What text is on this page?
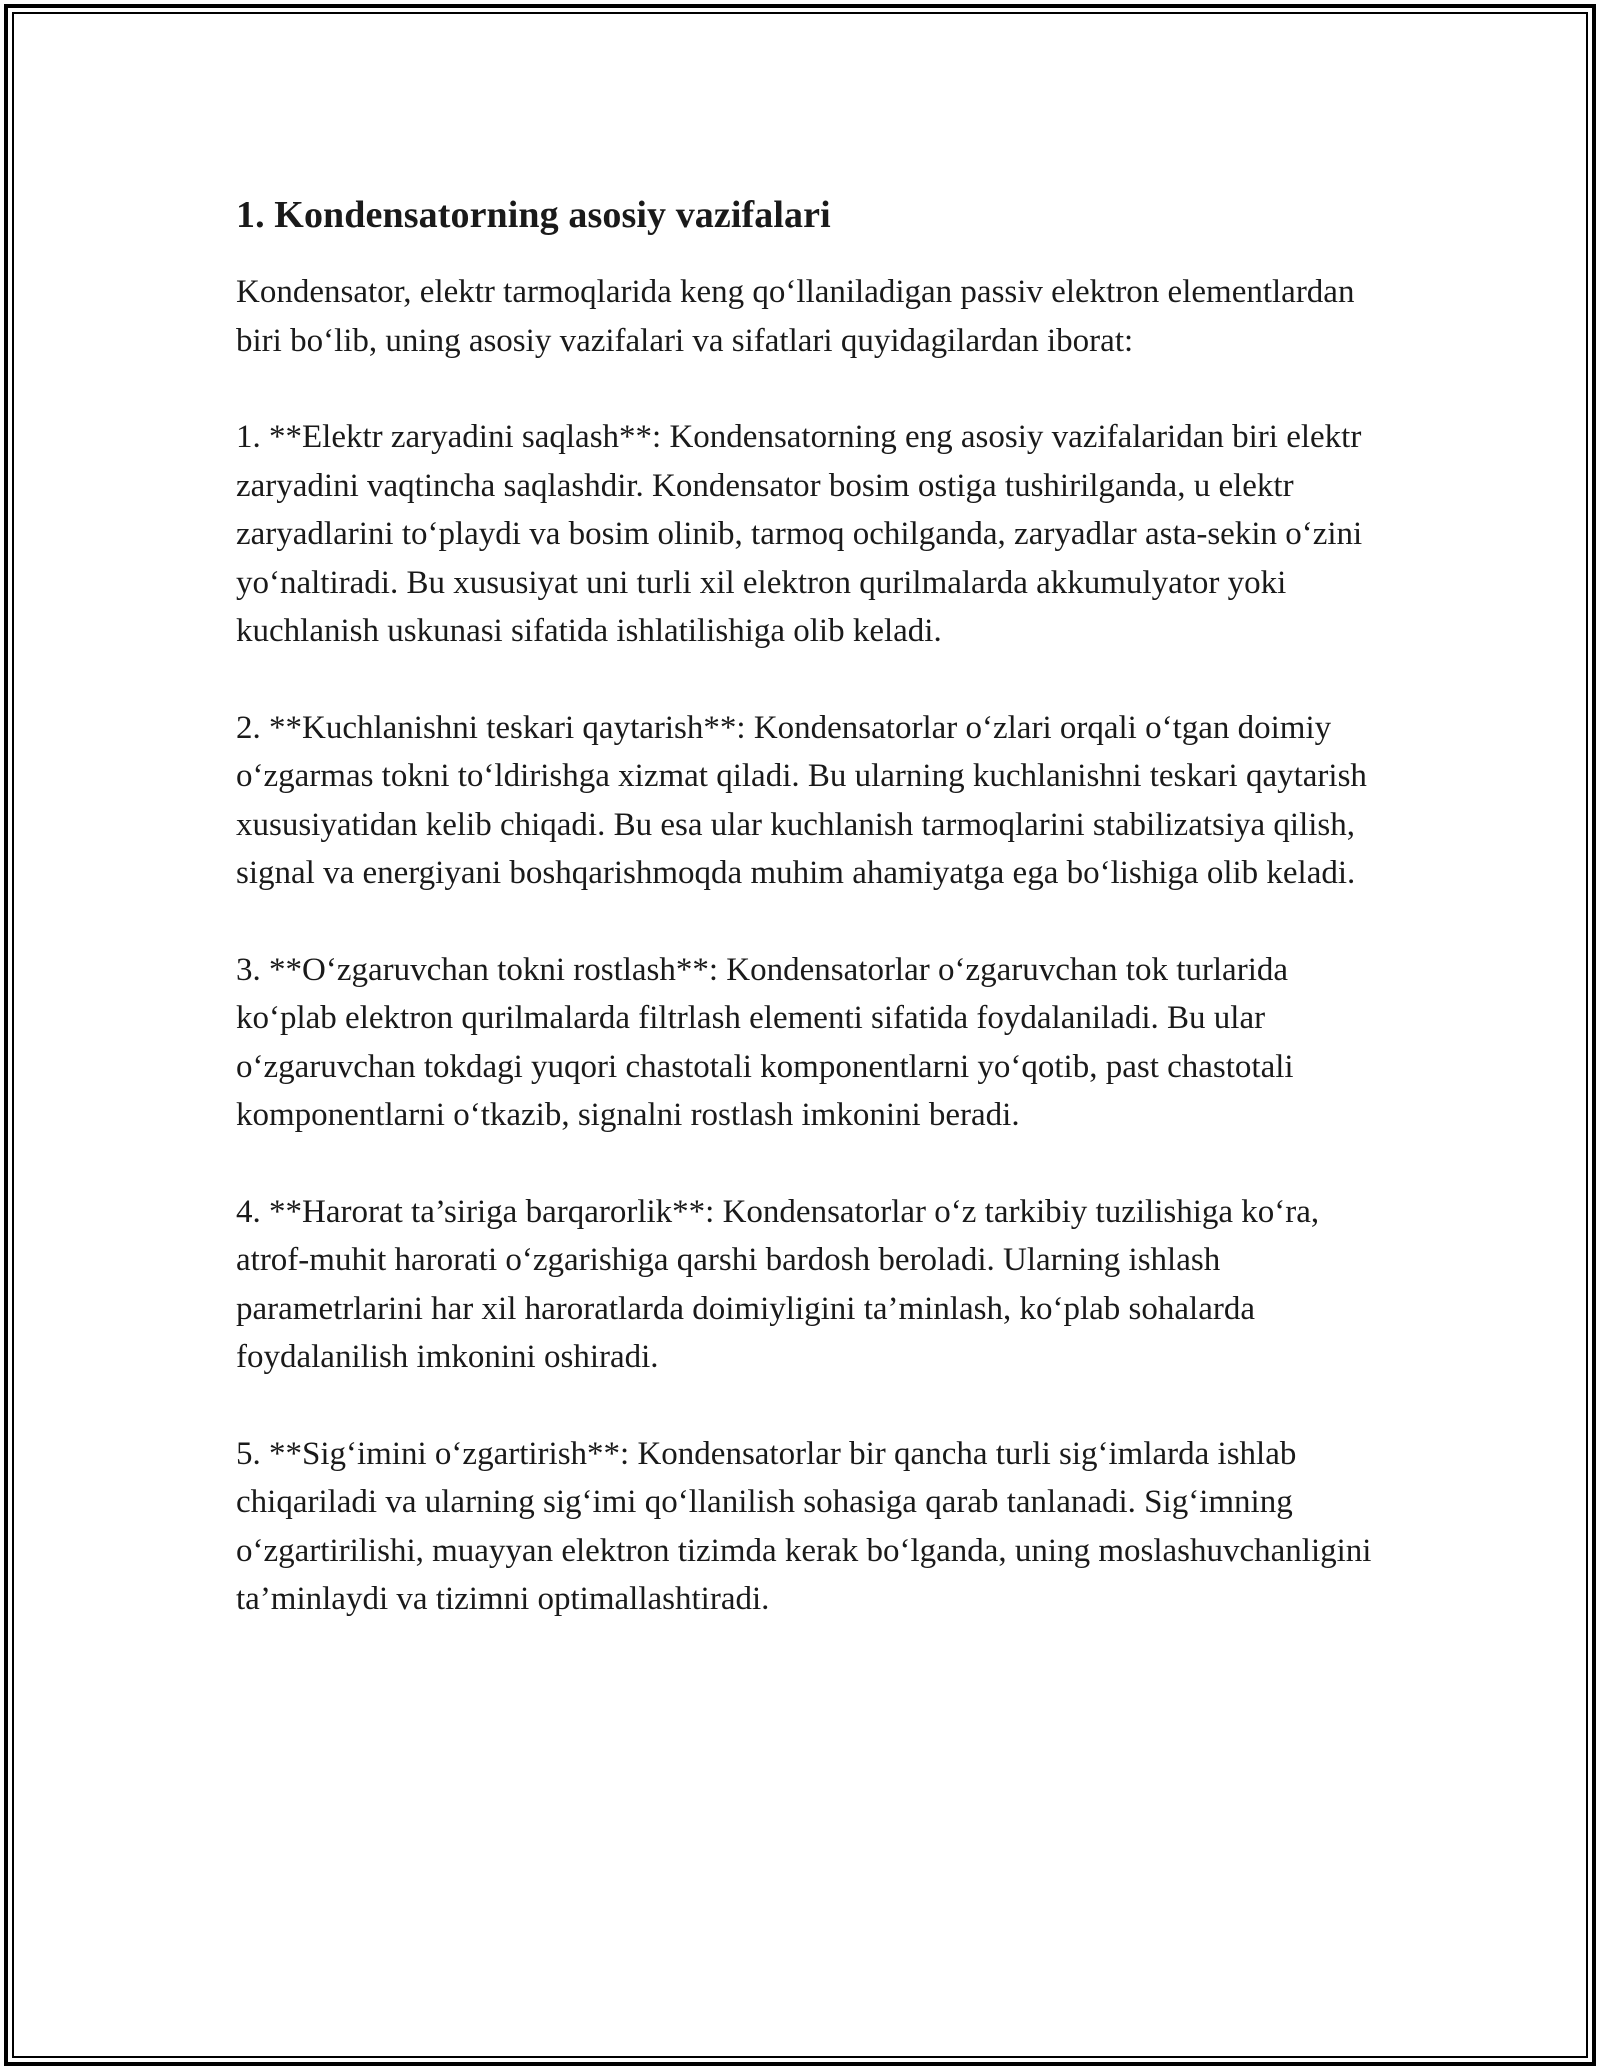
1. Kondensatorning asosiy vazifalari

Kondensator, elektr tarmoqlarida keng qo‘llaniladigan passiv elektron elementlardan biri bo‘lib, uning asosiy vazifalari va sifatlari quyidagilardan iborat:

1. **Elektr zaryadini saqlash**: Kondensatorning eng asosiy vazifalaridan biri elektr zaryadini vaqtincha saqlashdir. Kondensator bosim ostiga tushirilganda, u elektr zaryadlarini to‘playdi va bosim olinib, tarmoq ochilganda, zaryadlar asta-sekin o‘zini yo‘naltiradi. Bu xususiyat uni turli xil elektron qurilmalarda akkumulyator yoki kuchlanish uskunasi sifatida ishlatilishiga olib keladi.

2. **Kuchlanishni teskari qaytarish**: Kondensatorlar o‘zlari orqali o‘tgan doimiy o‘zgarmas tokni to‘ldirishga xizmat qiladi. Bu ularning kuchlanishni teskari qaytarish xususiyatidan kelib chiqadi. Bu esa ular kuchlanish tarmoqlarini stabilizatsiya qilish, signal va energiyani boshqarishmoqda muhim ahamiyatga ega bo‘lishiga olib keladi.

3. **O‘zgaruvchan tokni rostlash**: Kondensatorlar o‘zgaruvchan tok turlarida ko‘plab elektron qurilmalarda filtrlash elementi sifatida foydalaniladi. Bu ular o‘zgaruvchan tokdagi yuqori chastotali komponentlarni yo‘qotib, past chastotali komponentlarni o‘tkazib, signalni rostlash imkonini beradi.

4. **Harorat ta’siriga barqarorlik**: Kondensatorlar o‘z tarkibiy tuzilishiga ko‘ra, atrof-muhit harorati o‘zgarishiga qarshi bardosh beroladi. Ularning ishlash parametrlarini har xil haroratlarda doimiyligini ta’minlash, ko‘plab sohalarda foydalanilish imkonini oshiradi.

5. **Sig‘imini o‘zgartirish**: Kondensatorlar bir qancha turli sig‘imlarda ishlab chiqariladi va ularning sig‘imi qo‘llanilish sohasiga qarab tanlanadi. Sig‘imning o‘zgartirilishi, muayyan elektron tizimda kerak bo‘lganda, uning moslashuvchanligini ta’minlaydi va tizimni optimallashtiradi.
